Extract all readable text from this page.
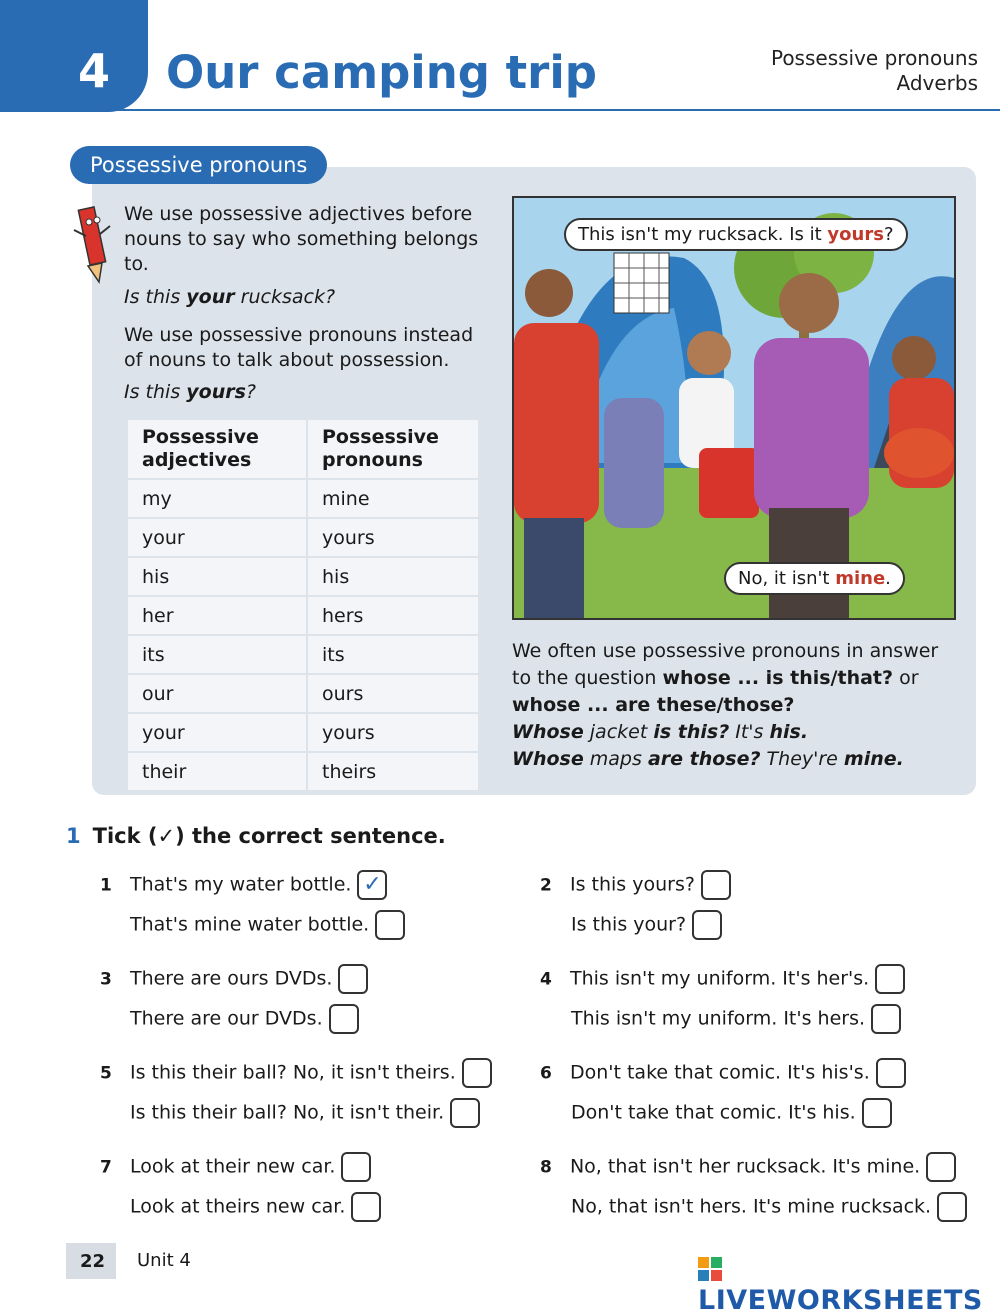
4 Our camping trip	Possessive pronouns
Adverbs
Possessive pronouns
We use possessive adjectives before nouns to say who something belongs to.
Is this your rucksack?
We use possessive pronouns instead of nouns to talk about possession.
Is this yours?
Possessive adjectives	Possessive pronouns
my	mine
your	yours
his	his
her	hers
its	its
our	ours
your	yours
their	theirs
This isn't my rucksack. Is it yours?
No, it isn't mine.
We often use possessive pronouns in answer to the question whose ... is this/that? or whose ... are these/those?
Whose jacket is this? It's his.
Whose maps are those? They're mine.
1 Tick (✓) the correct sentence.
1 That's my water bottle. ✓
That's mine water bottle.
2 Is this yours?
Is this your?
3 There are ours DVDs.
There are our DVDs.
4 This isn't my uniform. It's her's.
This isn't my uniform. It's hers.
5 Is this their ball? No, it isn't theirs.
Is this their ball? No, it isn't their.
6 Don't take that comic. It's his's.
Don't take that comic. It's his.
7 Look at their new car.
Look at theirs new car.
8 No, that isn't her rucksack. It's mine.
No, that isn't hers. It's mine rucksack.
22 Unit 4
LIVEWORKSHEETS
